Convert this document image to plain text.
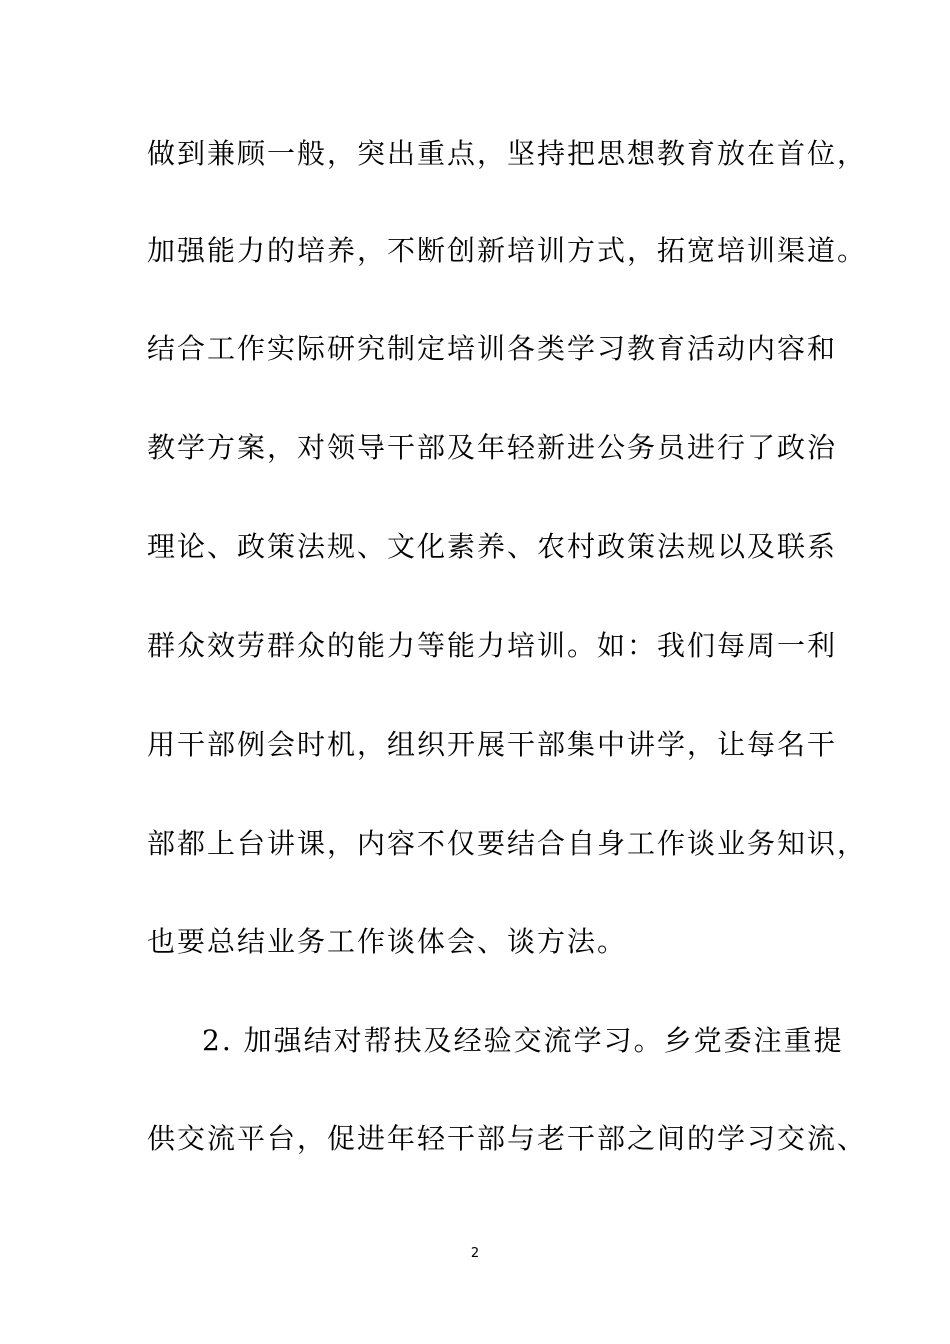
做到兼顾一般，突出重点，坚持把思想教育放在首位，
加强能力的培养，不断创新培训方式，拓宽培训渠道。
结合工作实际研究制定培训各类学习教育活动内容和
教学方案，对领导干部及年轻新进公务员进行了政治
理论、政策法规、文化素养、农村政策法规以及联系
群众效劳群众的能力等能力培训。如：我们每周一利
用干部例会时机，组织开展干部集中讲学，让每名干
部都上台讲课，内容不仅要结合自身工作谈业务知识，
也要总结业务工作谈体会、谈方法。
2. 加强结对帮扶及经验交流学习。乡党委注重提
供交流平台，促进年轻干部与老干部之间的学习交流、
2
